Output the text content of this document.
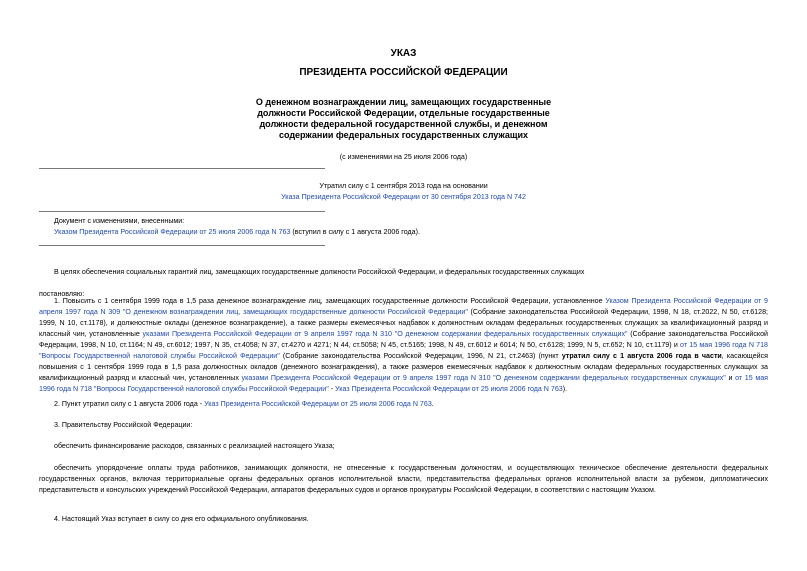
УКАЗ
ПРЕЗИДЕНТА РОССИЙСКОЙ ФЕДЕРАЦИИ
О денежном вознаграждении лиц, замещающих государственные
должности Российской Федерации, отдельные государственные
должности федеральной государственной службы, и денежном
содержании федеральных государственных служащих
(с изменениями на 25 июля 2006 года)
Утратил силу с 1 сентября 2013 года на основании
Указа Президента Российской Федерации от 30 сентября 2013 года N 742
Документ с изменениями, внесенными:
Указом Президента Российской Федерации от 25 июля 2006 года N 763 (вступил в силу с 1 августа 2006 года).
В целях обеспечения социальных гарантий лиц, замещающих государственные должности Российской Федерации, и федеральных государственных служащих
постановляю:
1. Повысить с 1 сентября 1999 года в 1,5 раза денежное вознаграждение лиц, замещающих государственные должности Российской Федерации, установленное Указом Президента Российской Федерации от 9 апреля 1997 года N 309 "О денежном вознаграждении лиц, замещающих государственные должности Российской Федерации" (Собрание законодательства Российской Федерации, 1998, N 18, ст.2022, N 50, ст.6128; 1999, N 10, ст.1178), и должностные оклады (денежное вознаграждение), а также размеры ежемесячных надбавок к должностным окладам федеральных государственных служащих за квалификационный разряд и классный чин, установленные указами Президента Российской Федерации от 9 апреля 1997 года N 310 "О денежном содержании федеральных государственных служащих" (Собрание законодательства Российской Федерации, 1998, N 10, ст.1164; N 49, ст.6012; 1997, N 35, ст.4058; N 37, ст.4270 и 4271; N 44, ст.5058; N 45, ст.5165; 1998, N 49, ст.6012 и 6014; N 50, ст.6128; 1999, N 5, ст.652; N 10, ст.1179) и от 15 мая 1996 года N 718 "Вопросы Государственной налоговой службы Российской Федерации" (Собрание законодательства Российской Федерации, 1996, N 21, ст.2463) (пункт утратил силу с 1 августа 2006 года в части, касающейся повышения с 1 сентября 1999 года в 1,5 раза должностных окладов (денежного вознаграждения), а также размеров ежемесячных надбавок к должностным окладам федеральных государственных служащих за квалификационный разряд и классный чин, установленных указами Президента Российской Федерации от 9 апреля 1997 года N 310 "О денежном содержании федеральных государственных служащих" и от 15 мая 1996 года N 718 "Вопросы Государственной налоговой службы Российской Федерации" - Указ Президента Российской Федерации от 25 июля 2006 года N 763).
2. Пункт утратил силу с 1 августа 2006 года - Указ Президента Российской Федерации от 25 июля 2006 года N 763.
3. Правительству Российской Федерации:
обеспечить финансирование расходов, связанных с реализацией настоящего Указа;
обеспечить упорядочение оплаты труда работников, занимающих должности, не отнесенные к государственным должностям, и осуществляющих техническое обеспечение деятельности федеральных государственных органов, включая территориальные органы федеральных органов исполнительной власти, представительства федеральных органов исполнительной власти за рубежом, дипломатических представительств и консульских учреждений Российской Федерации, аппаратов федеральных судов и органов прокуратуры Российской Федерации, в соответствии с настоящим Указом.
4. Настоящий Указ вступает в силу со дня его официального опубликования.
